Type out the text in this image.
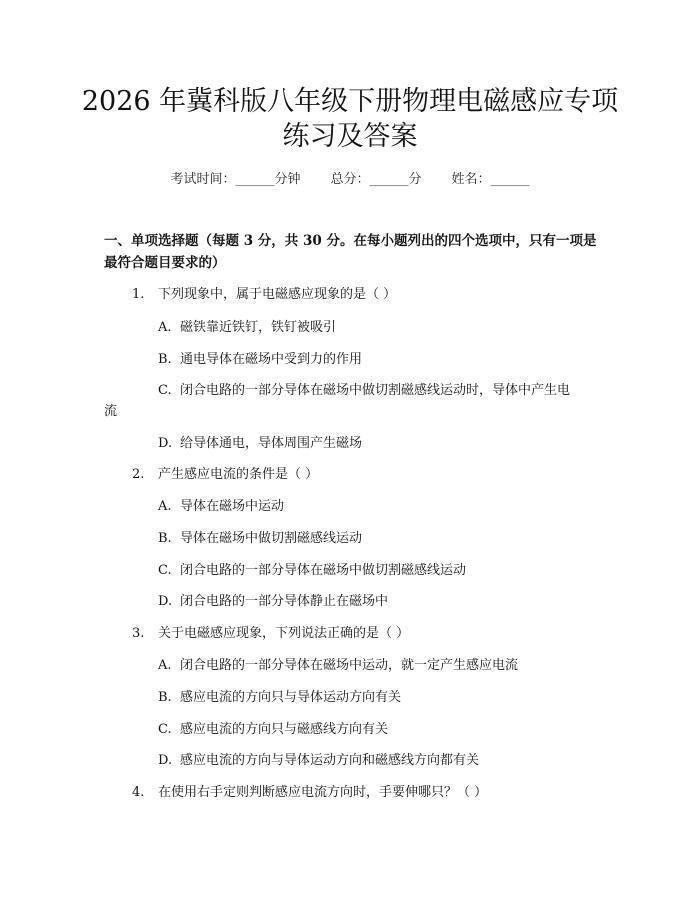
2026 年冀科版八年级下册物理电磁感应专项
练习及答案
考试时间：______分钟 总分：______分 姓名：______
一、单项选择题（每题 3 分，共 30 分。在每小题列出的四个选项中，只有一项是
最符合题目要求的）
1. 下列现象中，属于电磁感应现象的是（ ）
A. 磁铁靠近铁钉，铁钉被吸引
B. 通电导体在磁场中受到力的作用
C. 闭合电路的一部分导体在磁场中做切割磁感线运动时，导体中产生电
流
D. 给导体通电，导体周围产生磁场
2. 产生感应电流的条件是（ ）
A. 导体在磁场中运动
B. 导体在磁场中做切割磁感线运动
C. 闭合电路的一部分导体在磁场中做切割磁感线运动
D. 闭合电路的一部分导体静止在磁场中
3. 关于电磁感应现象，下列说法正确的是（ ）
A. 闭合电路的一部分导体在磁场中运动，就一定产生感应电流
B. 感应电流的方向只与导体运动方向有关
C. 感应电流的方向只与磁感线方向有关
D. 感应电流的方向与导体运动方向和磁感线方向都有关
4. 在使用右手定则判断感应电流方向时，手要伸哪只？（ ）
